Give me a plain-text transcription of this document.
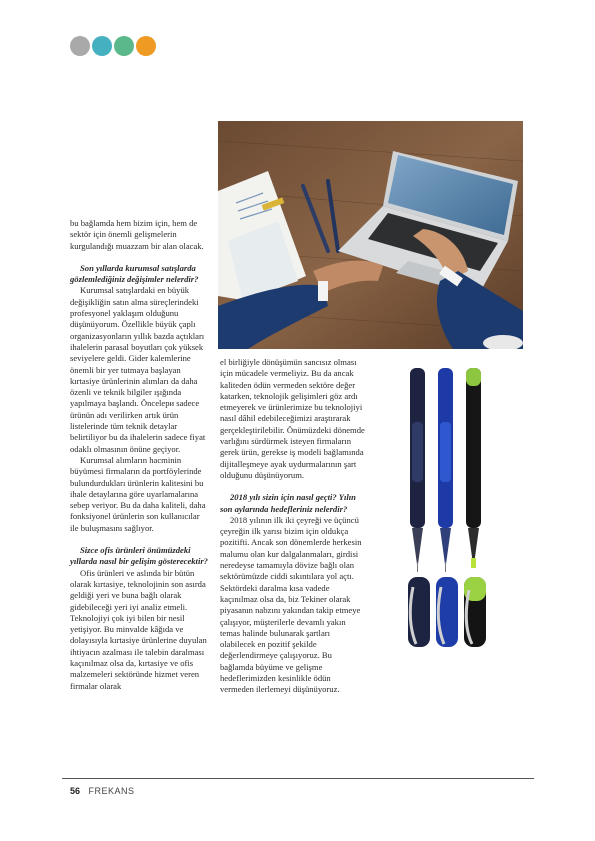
bu bağlamda hem bizim için, hem de sektör için önemli gelişmelerin kurgulandığı muazzam bir alan olacak.

Son yıllarda kurumsal satışlarda gözlemlediğiniz değişimler nelerdir?

Kurumsal satışlardaki en büyük değişikliğin satın alma süreçlerindeki profesyonel yaklaşım olduğunu düşünüyorum. Özellikle büyük çaplı organizasyonların yıllık bazda açtıkları ihalelerin parasal boyutları çok yüksek seviyelere geldi. Gider kalemlerine önemli bir yer tutmaya başlayan kırtasiye ürünlerinin alımları da daha özenli ve teknik bilgiler ışığında yapılmaya başlandı. Öncelери sadece ürünün adı verilirken artık ürün listelerinde tüm teknik detaylar belirtiliyor bu da ihalelerin sadece fiyat odaklı olmasının önüne geçiyor.

Kurumsal alımların hacminin büyümesi firmaların da portföylerinde bulundurdukları ürünlerin kalitesini bu ihale detaylarına göre uyarlamalarına sebep veriyor. Bu da daha kaliteli, daha fonksiyonel ürünlerin son kullanıcılar ile buluşmasını sağlıyor.

Sizce ofis ürünleri önümüzdeki yıllarda nasıl bir gelişim gösterecektir?

Ofis ürünleri ve aslında bir bütün olarak kırtasiye, teknolojinin son asırda geldiği yeri ve buna bağlı olarak gidebileceği yeri iyi analiz etmeli. Teknolojiyi çok iyi bilen bir nesil yetişiyor. Bu minvalde kâğıda ve dolayısıyla kırtasiye ürünlerine duyulan ihtiyacın azalması ile talebin daralması kaçınılmaz olsa da, kırtasiye ve ofis malzemeleri sektöründe hizmet veren firmalar olarak

el birliğiyle dönüşümün sancısız olması için mücadele vermeliyiz. Bu da ancak kaliteden ödün vermeden sektöre değer katarken, teknolojik gelişimleri göz ardı etmeyerek ve ürünlerimize bu teknolojiyi nasıl dâhil edebileceğimizi araştırarak gerçekleştirilebilir. Önümüzdeki dönemde varlığını sürdürmek isteyen firmaların gerek ürün, gerekse iş modeli bağlamında dijitalleşmeye ayak uydurmalarının şart olduğunu düşünüyorum.

2018 yılı sizin için nasıl geçti? Yılın son aylarında hedefleriniz nelerdir?

2018 yılının ilk iki çeyreği ve üçüncü çeyreğin ilk yarısı bizim için oldukça pozitifti. Ancak son dönemlerde herkesin malumu olan kur dalgalanmaları, girdisi neredeyse tamamıyla dövize bağlı olan sektörümüzde ciddi sıkıntılara yol açtı. Sektördeki daralma kısa vadede kaçınılmaz olsa da, biz Tekiner olarak piyasanın nabzını yakından takip etmeye çalışıyor, müşterilerle devamlı yakın temas halinde bulunarak şartları olabilecek en pozitif şekilde değerlendirmeye çalışıyoruz. Bu bağlamda büyüme ve gelişme hedeflerimizden kesinlikle ödün vermeden ilerlemeyi düşünüyoruz.

56 FREKANS
